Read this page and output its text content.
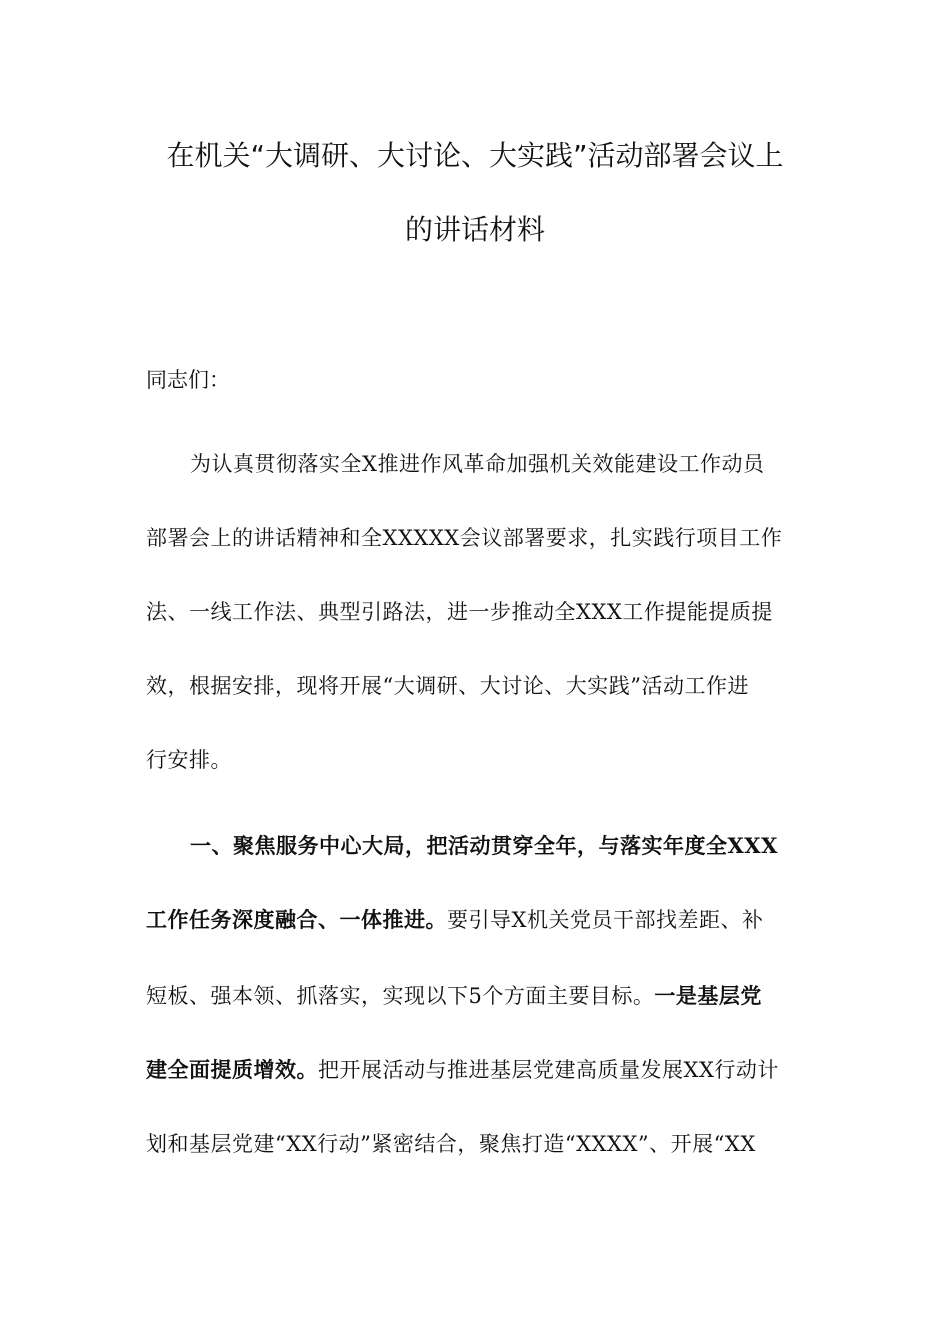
在机关“大调研、大讨论、大实践”活动部署会议上
的讲话材料
同志们：
为认真贯彻落实全X推进作风革命加强机关效能建设工作动员
部署会上的讲话精神和全XXXXX会议部署要求，扎实践行项目工作
法、一线工作法、典型引路法，进一步推动全XXX工作提能提质提
效，根据安排，现将开展“大调研、大讨论、大实践”活动工作进
行安排。
一、聚焦服务中心大局，把活动贯穿全年，与落实年度全XXX
工作任务深度融合、一体推进。要引导X机关党员干部找差距、补
短板、强本领、抓落实，实现以下5个方面主要目标。一是基层党
建全面提质增效。把开展活动与推进基层党建高质量发展XX行动计
划和基层党建“XX行动”紧密结合，聚焦打造“XXXX”、开展“XX
